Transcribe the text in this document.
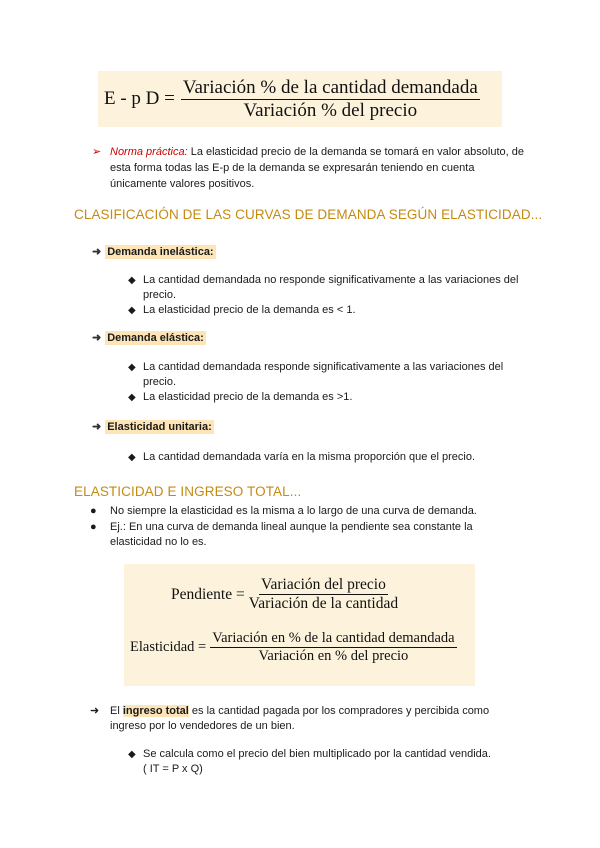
E - p $D = \frac{\text{Variación \% de la cantidad demandada}}{\text{Variación \% del precio}}$
➢ Norma práctica: La elasticidad precio de la demanda se tomará en valor absoluto, de esta forma todas las E-p de la demanda se expresarán teniendo en cuenta únicamente valores positivos.
CLASIFICACIÓN DE LAS CURVAS DE DEMANDA SEGÚN ELASTICIDAD...
➜ Demanda inelástica:
◆ La cantidad demandada no responde significativamente a las variaciones del precio.
◆ La elasticidad precio de la demanda es < 1.
➜ Demanda elástica:
◆ La cantidad demandada responde significativamente a las variaciones del precio.
◆ La elasticidad precio de la demanda es >1.
➜ Elasticidad unitaria:
◆ La cantidad demandada varía en la misma proporción que el precio.
ELASTICIDAD E INGRESO TOTAL...
● No siempre la elasticidad es la misma a lo largo de una curva de demanda.
● Ej.: En una curva de demanda lineal aunque la pendiente sea constante la elasticidad no lo es.
Pendiente = $\frac{\text{Variación del precio}}{\text{Variación de la cantidad}}$
Elasticidad = $\frac{\text{Variación en \% de la cantidad demandada}}{\text{Variación en \% del precio}}$
➜ El ingreso total es la cantidad pagada por los compradores y percibida como ingreso por lo vendedores de un bien.
◆ Se calcula como el precio del bien multiplicado por la cantidad vendida.
( IT = P x Q)
